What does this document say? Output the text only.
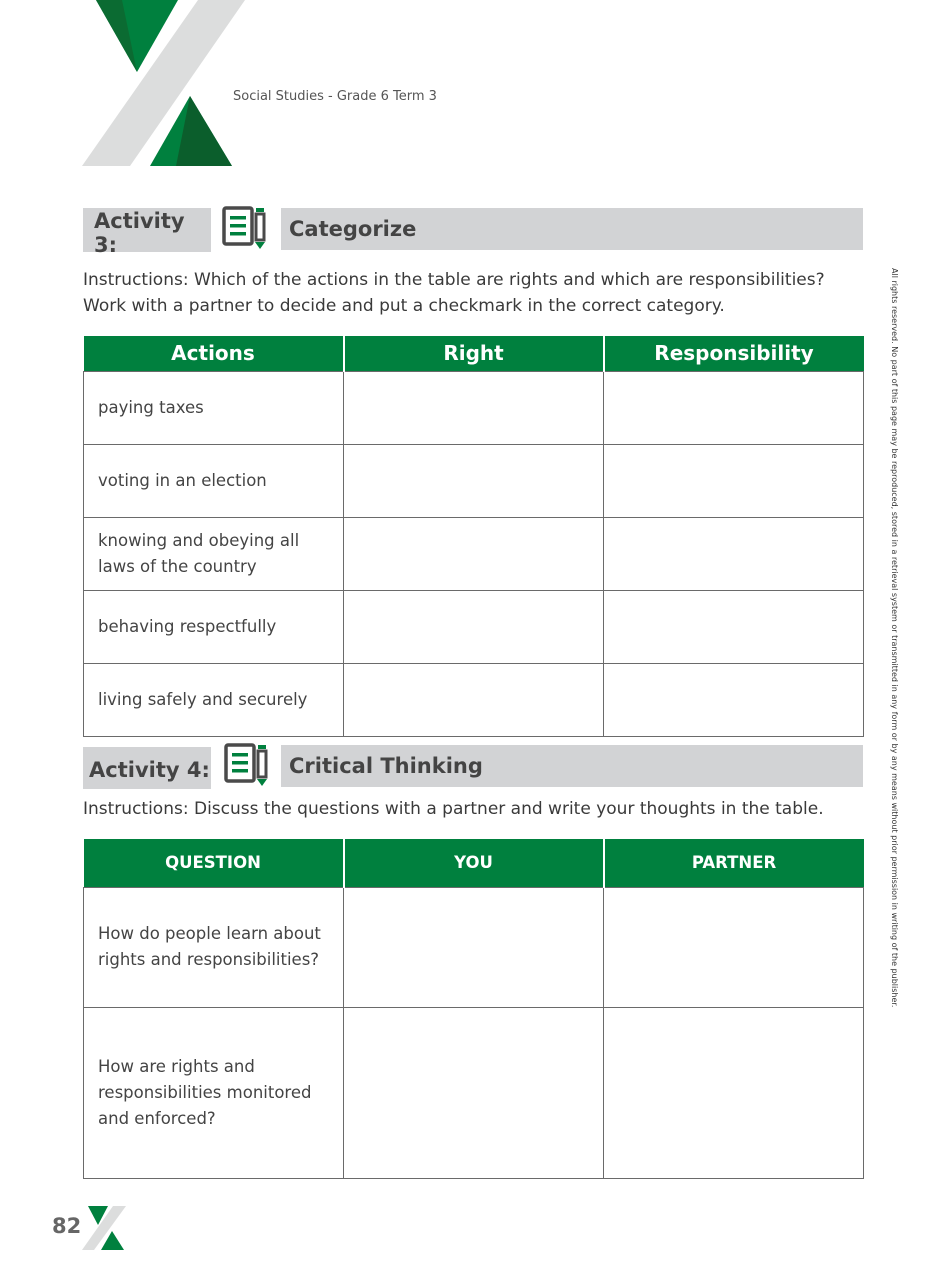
Social Studies - Grade 6 Term 3
Activity 3:
Categorize
Instructions: Which of the actions in the table are rights and which are responsibilities?
Work with a partner to decide and put a checkmark in the correct category.
Actions	Right	Responsibility
paying taxes		
voting in an election		
knowing and obeying all laws of the country		
behaving respectfully		
living safely and securely		
Activity 4:	Critical Thinking
Instructions: Discuss the questions with a partner and write your thoughts in the table.
QUESTION	YOU	PARTNER
How do people learn about rights and responsibilities?		
How are rights and responsibilities monitored and enforced?		
All rights reserved. No part of this page may be reproduced, stored in a retrieval system or transmitted in any form or by any means without prior permission in writing of the publisher.
82
